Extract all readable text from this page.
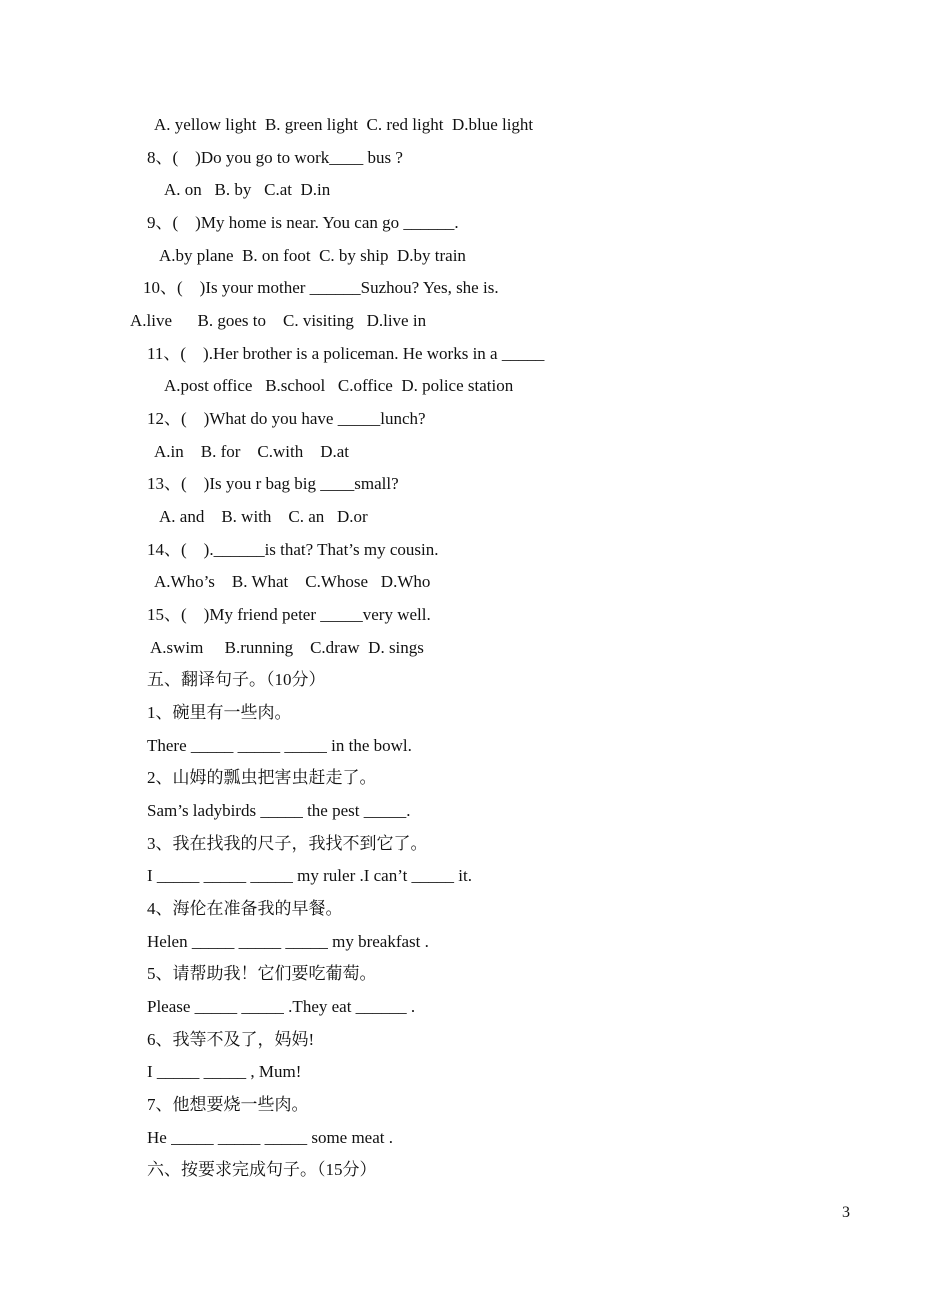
A. yellow light  B. green light  C. red light  D.blue light
8、(    )Do you go to work____ bus ?
A. on   B. by   C.at  D.in
9、(    )My home is near. You can go ______.
A.by plane  B. on foot  C. by ship  D.by train
10、(    )Is your mother ______Suzhou? Yes, she is.
A.live      B. goes to    C. visiting   D.live in
11、(    ).Her brother is a policeman. He works in a _____
A.post office   B.school   C.office  D. police station
12、(    )What do you have _____lunch?
A.in    B. for    C.with    D.at
13、(    )Is you r bag big ____small?
A. and    B. with    C. an   D.or
14、(    ).______is that? That’s my cousin.
A.Who’s    B. What    C.Whose   D.Who
15、(    )My friend peter _____very well.
A.swim     B.running    C.draw  D. sings
五、翻译句子。（10分）
1、碗里有一些肉。
There _____ _____ _____ in the bowl.
2、山姆的瓢虫把害虫赶走了。
Sam’s ladybirds _____ the pest _____.
3、我在找我的尺子，我找不到它了。
I _____ _____ _____ my ruler .I can’t _____ it.
4、海伦在准备我的早餐。
Helen _____ _____ _____ my breakfast .
5、请帮助我！它们要吃葡萄。
Please _____ _____ .They eat ______ .
6、我等不及了，妈妈!
I _____ _____ , Mum!
7、他想要烧一些肉。
He _____ _____ _____ some meat .
六、按要求完成句子。（15分）
3
